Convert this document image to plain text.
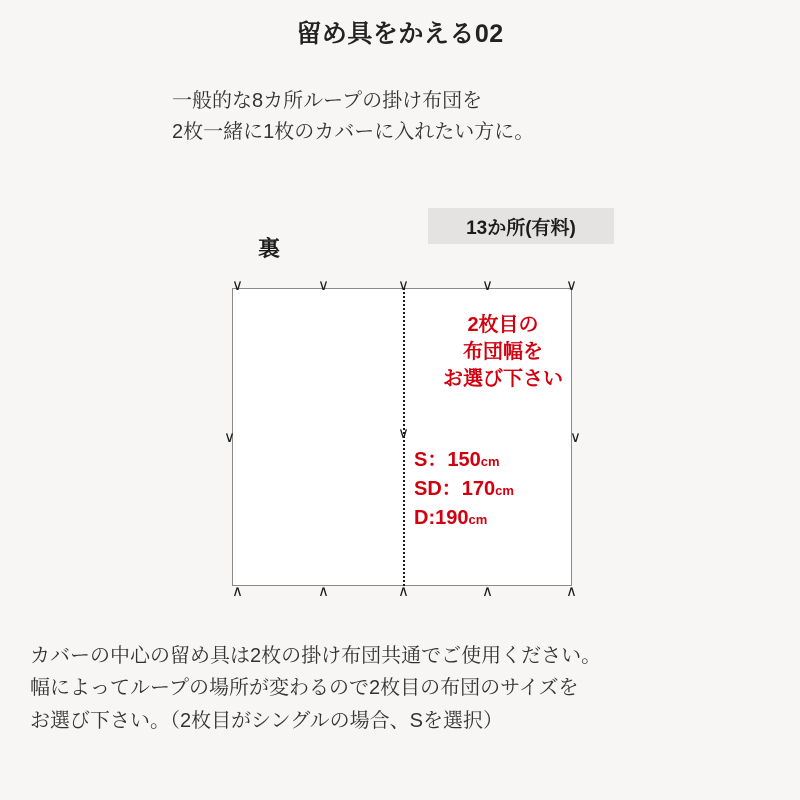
留め具をかえる02
一般的な8カ所ループの掛け布団を
2枚一緒に1枚のカバーに入れたい方に。
13か所(有料)
裏
∨	∨	∨	∨	∨
∧	∧	∧	∧	∧
∨	∨
∨
2枚目の
布団幅を
お選び下さい
S：150cm
SD：170cm
D:190cm
カバーの中心の留め具は2枚の掛け布団共通でご使用ください。
幅によってループの場所が変わるので2枚目の布団のサイズを
お選び下さい。（2枚目がシングルの場合、Sを選択）
